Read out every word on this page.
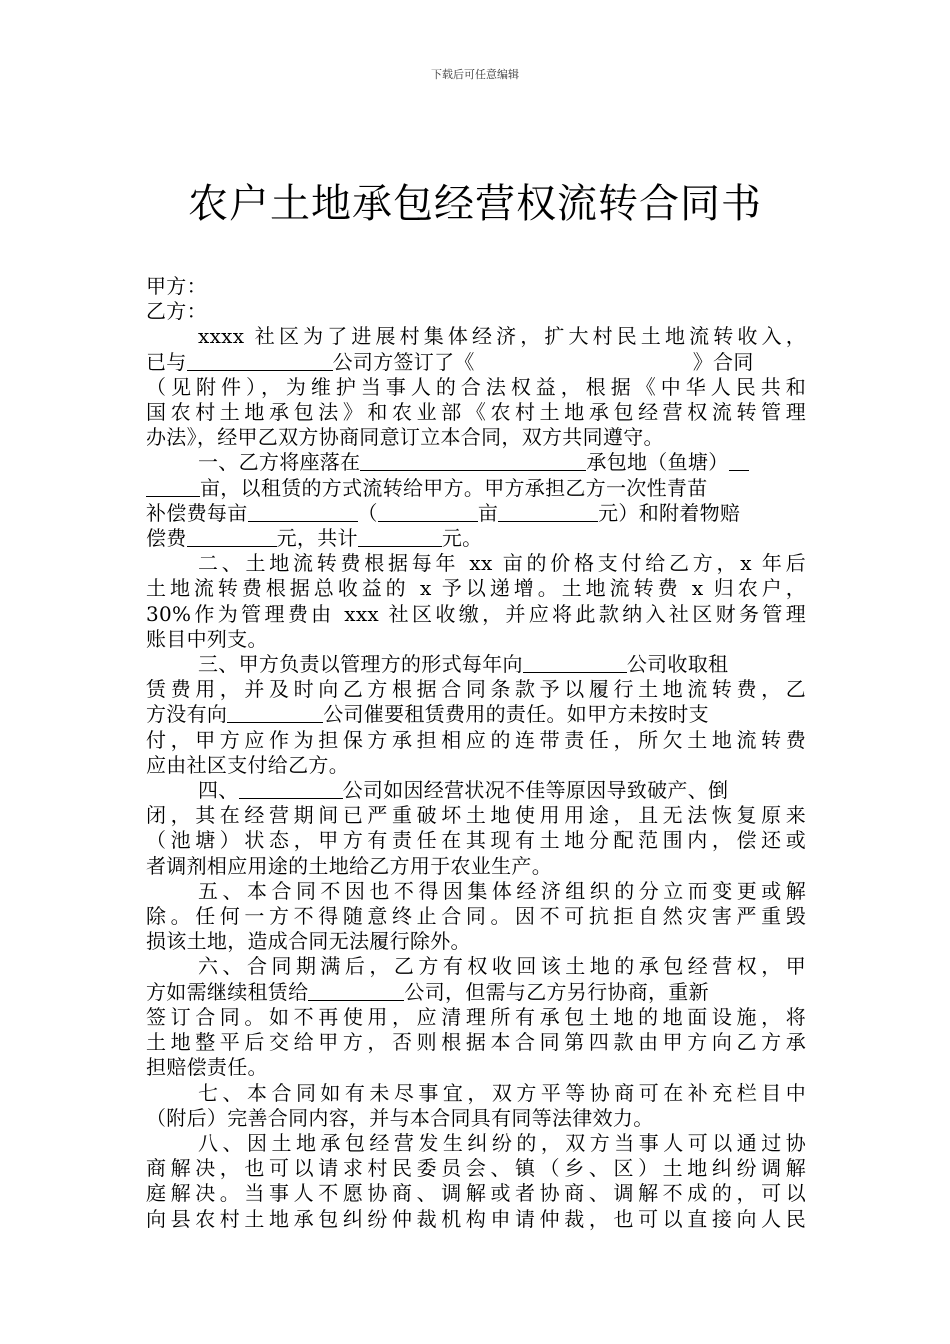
下载后可任意编辑
农户土地承包经营权流转合同书
甲方：
乙方：
xxxx 社区为了进展村集体经济，扩大村民土地流转收入，
已与	公司方签订了《	》合同
（见附件），为维护当事人的合法权益，根据《中华人民共和
国农村土地承包法》和农业部《农村土地承包经营权流转管理
办法》，经甲乙双方协商同意订立本合同，双方共同遵守。
一、乙方将座落在	承包地（鱼塘）
亩，以租赁的方式流转给甲方。甲方承担乙方一次性青苗
补偿费每亩	（	亩	元）和附着物赔
偿费	元，共计	元。
二、土地流转费根据每年 xx 亩的价格支付给乙方，x 年后
土地流转费根据总收益的 x 予以递增。土地流转费 x 归农户，
30%作为管理费由 xxx 社区收缴，并应将此款纳入社区财务管理
账目中列支。
三、甲方负责以管理方的形式每年向	公司收取租
赁费用，并及时向乙方根据合同条款予以履行土地流转费，乙
方没有向	公司催要租赁费用的责任。如甲方未按时支
付，甲方应作为担保方承担相应的连带责任，所欠土地流转费
应由社区支付给乙方。
四、	公司如因经营状况不佳等原因导致破产、倒
闭，其在经营期间已严重破坏土地使用用途，且无法恢复原来
（池塘）状态，甲方有责任在其现有土地分配范围内，偿还或
者调剂相应用途的土地给乙方用于农业生产。
五、本合同不因也不得因集体经济组织的分立而变更或解
除。任何一方不得随意终止合同。因不可抗拒自然灾害严重毁
损该土地，造成合同无法履行除外。
六、合同期满后，乙方有权收回该土地的承包经营权，甲
方如需继续租赁给	公司，但需与乙方另行协商，重新
签订合同。如不再使用，应清理所有承包土地的地面设施，将
土地整平后交给甲方，否则根据本合同第四款由甲方向乙方承
担赔偿责任。
七、本合同如有未尽事宜，双方平等协商可在补充栏目中
（附后）完善合同内容，并与本合同具有同等法律效力。
八、因土地承包经营发生纠纷的，双方当事人可以通过协
商解决，也可以请求村民委员会、镇（乡、区）土地纠纷调解
庭解决。当事人不愿协商、调解或者协商、调解不成的，可以
向县农村土地承包纠纷仲裁机构申请仲裁，也可以直接向人民
